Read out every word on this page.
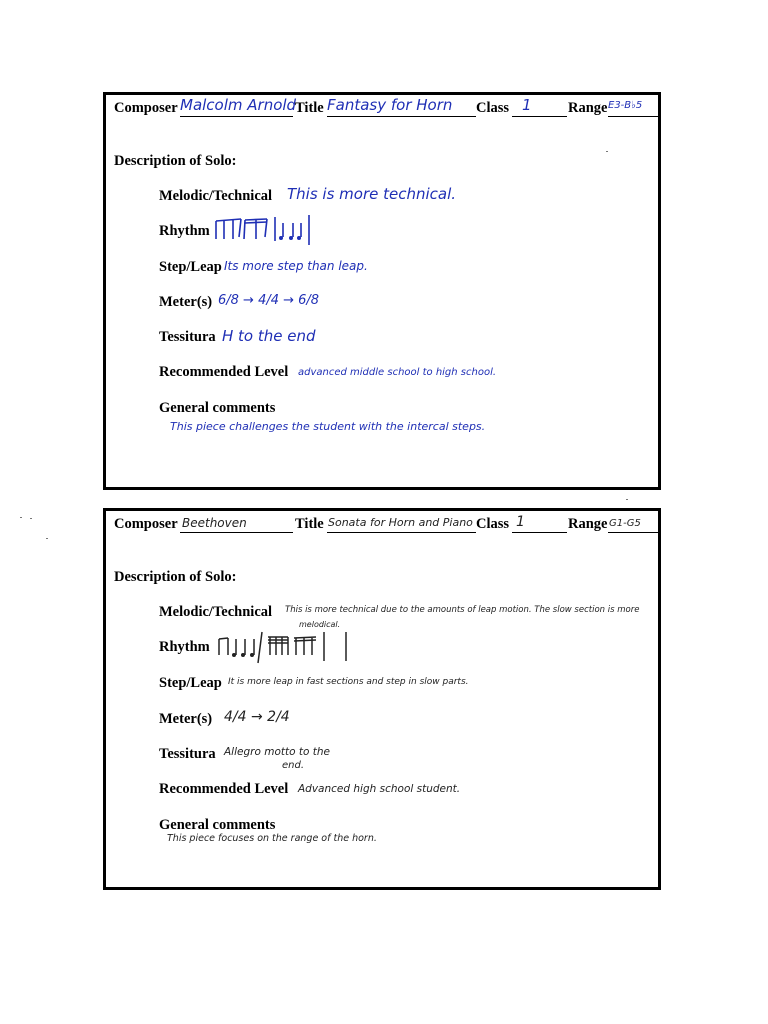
Composer Malcolm Arnold
Title Fantasy for Horn Class 1	Range E3-B♭5
Description of Solo:
Melodic/Technical This is more technical.
Rhythm
Step/Leap Its more step than leap.
Meter(s) 6/8 → 4/4 → 6/8
Tessitura H to the end
Recommended Level advanced middle school to high school.
General comments
This piece challenges the student with the intercal steps.
Composer Beethoven	Title Sonata for Horn and Piano Class 1	Range G1-G5
Description of Solo:
Melodic/Technical This is more technical due to the amounts of leap motion. The slow section is more
melodical.
Rhythm
Step/Leap It is more leap in fast sections and step in slow parts.
Meter(s) 4/4 → 2/4
Tessitura Allegro motto to the
end.
Recommended Level Advanced high school student.
General comments
This piece focuses on the range of the horn.
